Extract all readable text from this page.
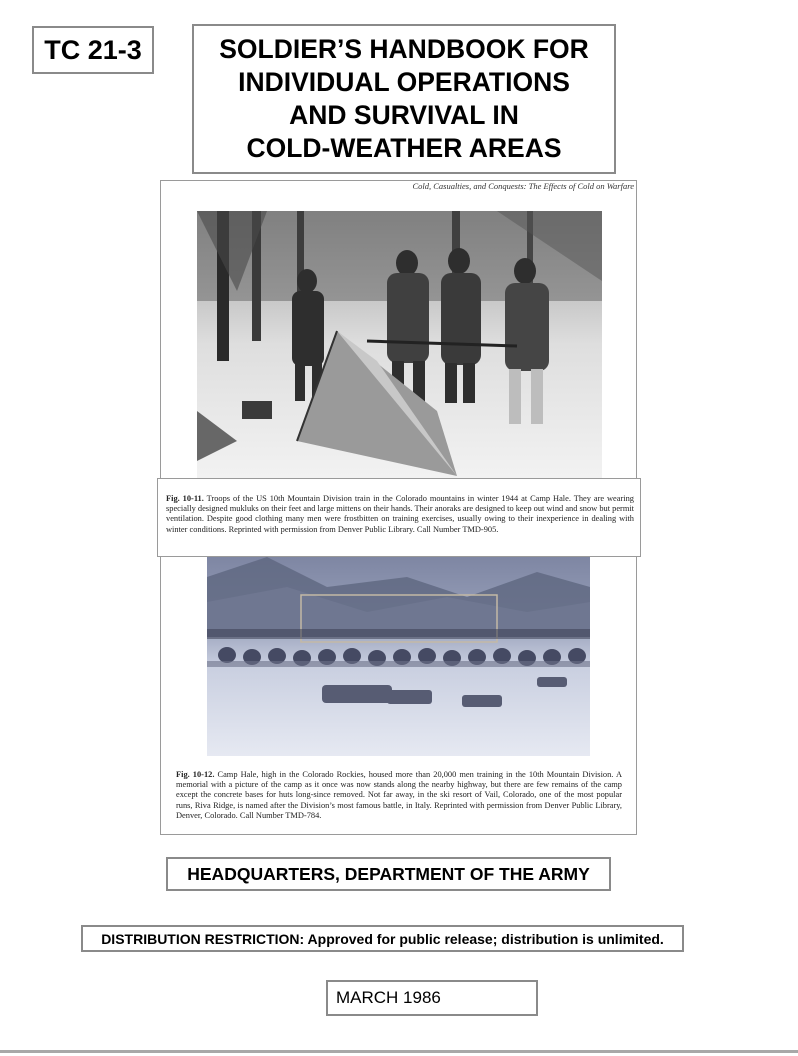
TC 21-3	SOLDIER’S HANDBOOK FOR
INDIVIDUAL OPERATIONS
AND SURVIVAL IN
COLD-WEATHER AREAS
Cold, Casualties, and Conquests: The Effects of Cold on Warfare
Fig. 10-11. Troops of the US 10th Mountain Division train in the Colorado mountains in winter 1944 at Camp Hale. They are wearing specially designed mukluks on their feet and large mittens on their hands. Their anoraks are designed to keep out wind and snow but permit ventilation. Despite good clothing many men were frostbitten on training exercises, usually owing to their inexperience in dealing with winter conditions. Reprinted with permission from Denver Public Library. Call Number TMD-905.
Fig. 10-12. Camp Hale, high in the Colorado Rockies, housed more than 20,000 men training in the 10th Mountain Division. A memorial with a picture of the camp as it once was now stands along the nearby highway, but there are few remains of the camp except the concrete bases for huts long-since removed. Not far away, in the ski resort of Vail, Colorado, one of the most popular runs, Riva Ridge, is named after the Division’s most famous battle, in Italy. Reprinted with permission from Denver Public Library, Denver, Colorado. Call Number TMD-784.
HEADQUARTERS, DEPARTMENT OF THE ARMY
DISTRIBUTION RESTRICTION: Approved for public release; distribution is unlimited.
MARCH 1986
